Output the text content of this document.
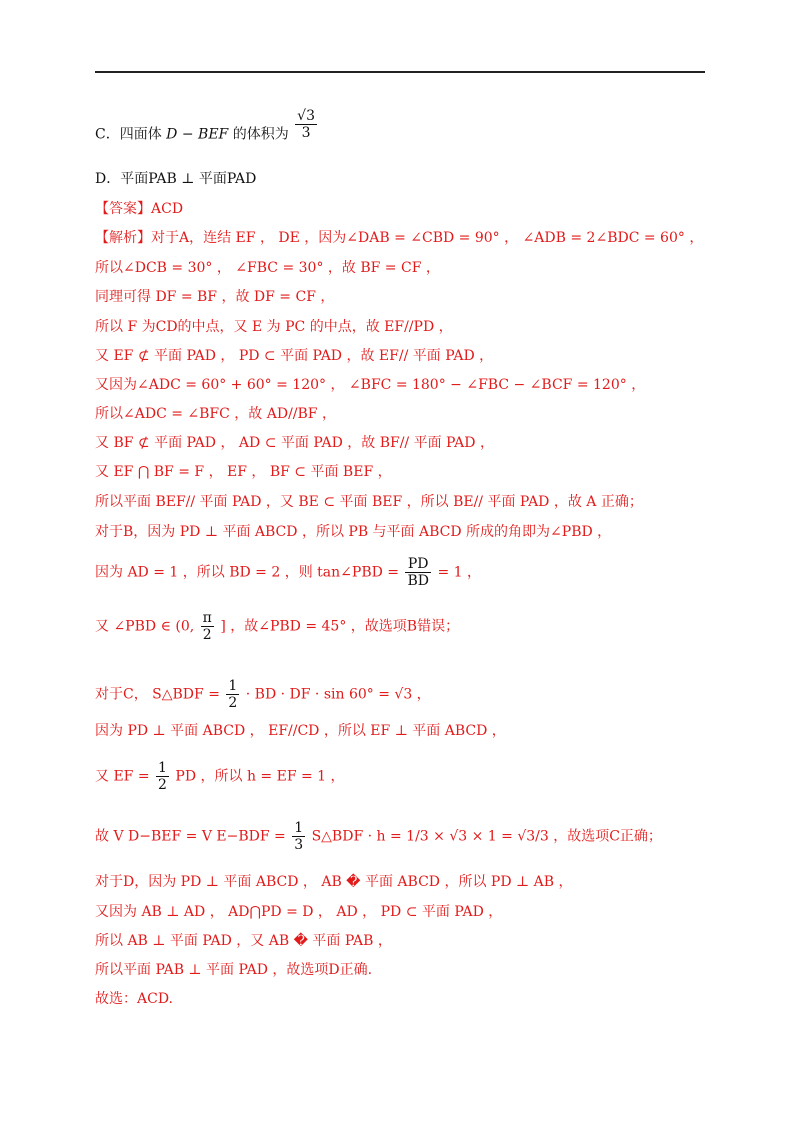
C．四面体 D − BEF 的体积为 $\frac{√3}{3}$
D．平面PAB ⊥ 平面PAD
【答案】ACD
【解析】对于A，连结 EF ， DE ，因为∠DAB = ∠CBD = 90° ， ∠ADB = 2∠BDC = 60° ，
所以∠DCB = 30° ， ∠FBC = 30° ，故 BF = CF ，
同理可得 DF = BF ，故 DF = CF ，
所以 F 为CD的中点，又 E 为 PC 的中点，故 EF//PD ，
又 EF ⊄ 平面 PAD ， PD ⊂ 平面 PAD ，故 EF// 平面 PAD ，
又因为∠ADC = 60° + 60° = 120° ， ∠BFC = 180° − ∠FBC − ∠BCF = 120° ，
所以∠ADC = ∠BFC ，故 AD//BF ，
又 BF ⊄ 平面 PAD ， AD ⊂ 平面 PAD ，故 BF// 平面 PAD ，
又 EF ⋂ BF = F ， EF ， BF ⊂ 平面 BEF ，
所以平面 BEF// 平面 PAD ，又 BE ⊂ 平面 BEF ，所以 BE// 平面 PAD ，故 A 正确；
对于B，因为 PD ⊥ 平面 ABCD ，所以 PB 与平面 ABCD 所成的角即为∠PBD ，
因为 AD = 1 ，所以 BD = 2 ，则 tan∠PBD = $\frac{PD}{BD} = 1$ ，
又 ∠PBD ∈ (0, $\frac{\pi}{2}$ ] ，故∠PBD = 45° ，故选项B错误；
对于C， S△BDF = $\frac{1}{2}$ · BD · DF · sin 60° = √3 ，
因为 PD ⊥ 平面 ABCD ， EF//CD ，所以 EF ⊥ 平面 ABCD ，
又 EF = $\frac{1}{2}$ PD ，所以 h = EF = 1 ，
故 V D−BEF = V $E-BDF = \frac{1}{3}$ S△BDF · h = 1/3 × √3 × 1 = √3/3 ，故选项C正确；
对于D，因为 PD ⊥ 平面 ABCD ， AB � 平面 ABCD ，所以 PD ⊥ AB ，
又因为 AB ⊥ AD ， AD⋂PD = D ， AD ， PD ⊂ 平面 PAD ，
所以 AB ⊥ 平面 PAD ，又 AB � 平面 PAB ，
所以平面 PAB ⊥ 平面 PAD ，故选项D正确.
故选：ACD.
